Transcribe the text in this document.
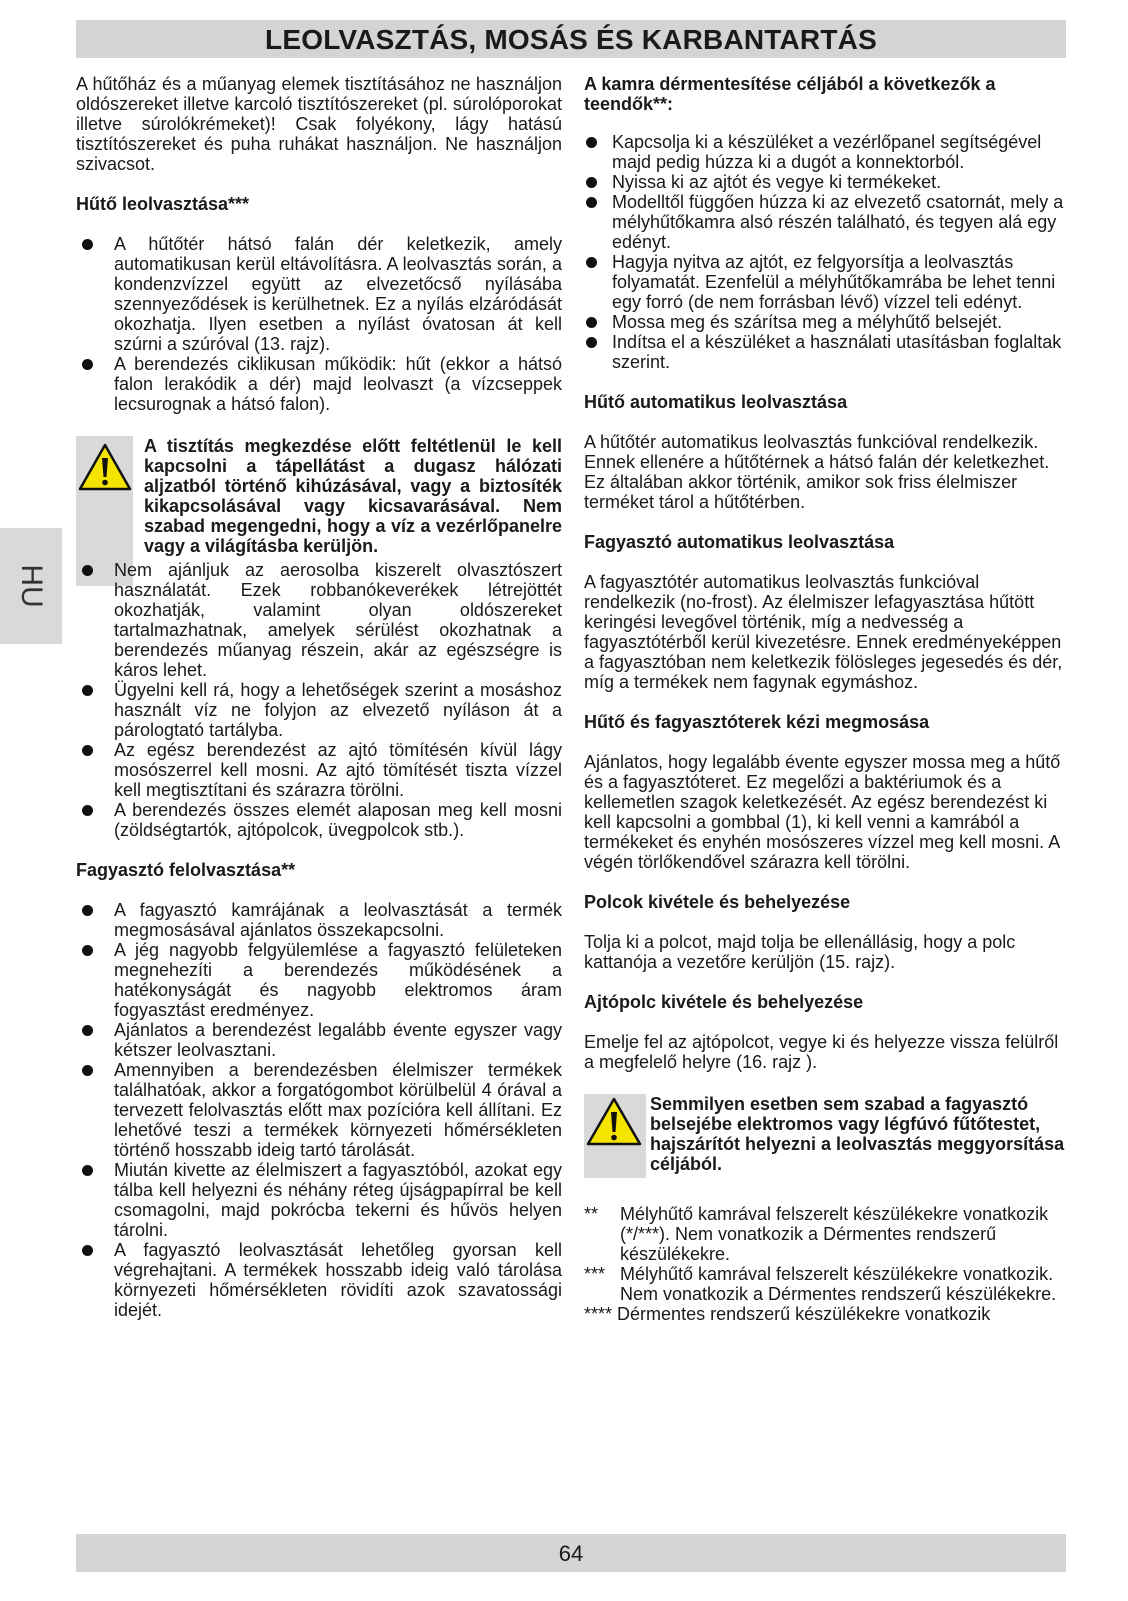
LEOLVASZTÁS, MOSÁS ÉS KARBANTARTÁS
HU

A hűtőház és a műanyag elemek tisztításához ne használjon oldószereket illetve karcoló tisztítószereket (pl. súrolóporokat illetve súrolókrémeket)! Csak folyékony, lágy hatású tisztítószereket és puha ruhákat használjon. Ne használjon szivacsot.

Hűtő leolvasztása***

A hűtőtér hátsó falán dér keletkezik, amely automatikusan kerül eltávolításra. A leolvasztás során, a kondenzvízzel együtt az elvezetőcső nyílásába szennyeződések is kerülhetnek. Ez a nyílás elzáródását okozhatja. Ilyen esetben a nyílást óvatosan át kell szúrni a szúróval (13. rajz).
A berendezés ciklikusan működik: hűt (ekkor a hátsó falon lerakódik a dér) majd leolvaszt (a vízcseppek lecsurognak a hátsó falon).

A tisztítás megkezdése előtt feltétlenül le kell kapcsolni a tápellátást a dugasz hálózati aljzatból történő kihúzásával, vagy a biztosíték kikapcsolásával vagy kicsavarásával. Nem szabad megengedni, hogy a víz a vezérlőpanelre vagy a világításba kerüljön.

Nem ajánljuk az aerosolba kiszerelt olvasztószert használatát. Ezek robbanókeverékek létrejöttét okozhatják, valamint olyan oldószereket tartalmazhatnak, amelyek sérülést okozhatnak a berendezés műanyag részein, akár az egészségre is káros lehet.
Ügyelni kell rá, hogy a lehetőségek szerint a mosáshoz használt víz ne folyjon az elvezető nyíláson át a párologtató tartályba.
Az egész berendezést az ajtó tömítésén kívül lágy mosószerrel kell mosni. Az ajtó tömítését tiszta vízzel kell megtisztítani és szárazra törölni.
A berendezés összes elemét alaposan meg kell mosni (zöldségtartók, ajtópolcok, üvegpolcok stb.).

Fagyasztó felolvasztása**

A fagyasztó kamrájának a leolvasztását a termék megmosásával ajánlatos összekapcsolni.
A jég nagyobb felgyülemlése a fagyasztó felületeken megnehezíti a berendezés működésének a hatékonyságát és nagyobb elektromos áram fogyasztást eredményez.
Ajánlatos a berendezést legalább évente egyszer vagy kétszer leolvasztani.
Amennyiben a berendezésben élelmiszer termékek találhatóak, akkor a forgatógombot körülbelül 4 órával a tervezett felolvasztás előtt max pozícióra kell állítani. Ez lehetővé teszi a termékek környezeti hőmérsékleten történő hosszabb ideig tartó tárolását.
Miután kivette az élelmiszert a fagyasztóból, azokat egy tálba kell helyezni és néhány réteg újságpapírral be kell csomagolni, majd pokrócba tekerni és hűvös helyen tárolni.
A fagyasztó leolvasztását lehetőleg gyorsan kell végrehajtani. A termékek hosszabb ideig való tárolása környezeti hőmérsékleten rövidíti azok szavatossági idejét.

A kamra dérmentesítése céljából a következők a teendők**:

Kapcsolja ki a készüléket a vezérlőpanel segítségével majd pedig húzza ki a dugót a konnektorból.
Nyissa ki az ajtót és vegye ki termékeket.
Modelltől függően húzza ki az elvezető csatornát, mely a mélyhűtőkamra alsó részén található, és tegyen alá egy edényt.
Hagyja nyitva az ajtót, ez felgyorsítja a leolvasztás folyamatát. Ezenfelül a mélyhűtőkamrába be lehet tenni egy forró (de nem forrásban lévő) vízzel teli edényt.
Mossa meg és szárítsa meg a mélyhűtő belsejét.
Indítsa el a készüléket a használati utasításban foglaltak szerint.

Hűtő automatikus leolvasztása

A hűtőtér automatikus leolvasztás funkcióval rendelkezik. Ennek ellenére a hűtőtérnek a hátsó falán dér keletkezhet. Ez általában akkor történik, amikor sok friss élelmiszer terméket tárol a hűtőtérben.

Fagyasztó automatikus leolvasztása

A fagyasztótér automatikus leolvasztás funkcióval rendelkezik (no-frost). Az élelmiszer lefagyasztása hűtött keringési levegővel történik, míg a nedvesség a fagyasztótérből kerül kivezetésre. Ennek eredményeképpen a fagyasztóban nem keletkezik fölösleges jegesedés és dér, míg a termékek nem fagynak egymáshoz.

Hűtő és fagyasztóterek kézi megmosása

Ajánlatos, hogy legalább évente egyszer mossa meg a hűtő és a fagyasztóteret. Ez megelőzi a baktériumok és a kellemetlen szagok keletkezését. Az egész berendezést ki kell kapcsolni a gombbal (1), ki kell venni a kamrából a termékeket és enyhén mosószeres vízzel meg kell mosni. A végén törlőkendővel szárazra kell törölni.

Polcok kivétele és behelyezése

Tolja ki a polcot, majd tolja be ellenállásig, hogy a polc kattanója a vezetőre kerüljön (15. rajz).

Ajtópolc kivétele és behelyezése

Emelje fel az ajtópolcot, vegye ki és helyezze vissza felülről a megfelelő helyre (16. rajz ).

Semmilyen esetben sem szabad a fagyasztó belsejébe elektromos vagy légfúvó fűtőtestet, hajszárítót helyezni a leolvasztás meggyorsítása céljából.

** Mélyhűtő kamrával felszerelt készülékekre vonatkozik (*/***). Nem vonatkozik a Dérmentes rendszerű készülékekre.
*** Mélyhűtő kamrával felszerelt készülékekre vonatkozik. Nem vonatkozik a Dérmentes rendszerű készülékekre.
**** Dérmentes rendszerű készülékekre vonatkozik
64
